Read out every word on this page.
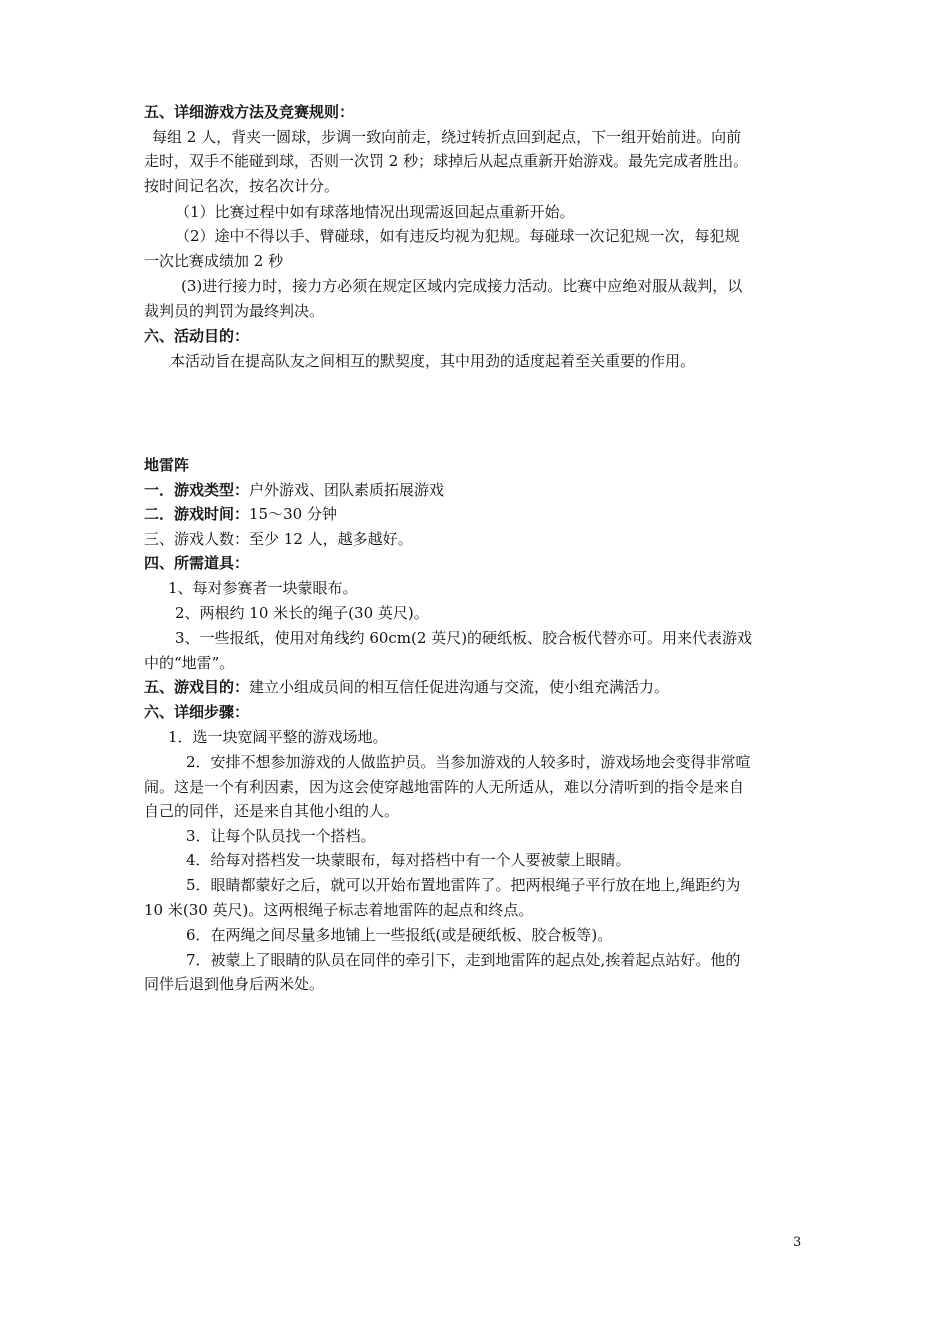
五、详细游戏方法及竞赛规则：

每组 2 人，背夹一圆球，步调一致向前走，绕过转折点回到起点，下一组开始前进。向前

走时，双手不能碰到球，否则一次罚 2 秒；球掉后从起点重新开始游戏。最先完成者胜出。

按时间记名次，按名次计分。

（1）比赛过程中如有球落地情况出现需返回起点重新开始。

（2）途中不得以手、臂碰球，如有违反均视为犯规。每碰球一次记犯规一次，每犯规

一次比赛成绩加 2 秒

(3)进行接力时，接力方必须在规定区域内完成接力活动。比赛中应绝对服从裁判，以

裁判员的判罚为最终判决。

六、活动目的：

本活动旨在提高队友之间相互的默契度，其中用劲的适度起着至关重要的作用。

地雷阵

一．游戏类型：户外游戏、团队素质拓展游戏

二．游戏时间：15～30 分钟

三、游戏人数：至少 12 人，越多越好。

四、所需道具：

1、每对参赛者一块蒙眼布。

2、两根约 10 米长的绳子(30 英尺)。

3、一些报纸，使用对角线约 60cm(2 英尺)的硬纸板、胶合板代替亦可。用来代表游戏

中的“地雷”。

五、游戏目的：建立小组成员间的相互信任促进沟通与交流，使小组充满活力。

六、详细步骤：

1．选一块宽阔平整的游戏场地。

2．安排不想参加游戏的人做监护员。当参加游戏的人较多时，游戏场地会变得非常喧

闹。这是一个有利因素，因为这会使穿越地雷阵的人无所适从，难以分清听到的指令是来自

自己的同伴，还是来自其他小组的人。

3．让每个队员找一个搭档。

4．给每对搭档发一块蒙眼布，每对搭档中有一个人要被蒙上眼睛。

5．眼睛都蒙好之后，就可以开始布置地雷阵了。把两根绳子平行放在地上,绳距约为

10 米(30 英尺)。这两根绳子标志着地雷阵的起点和终点。

6．在两绳之间尽量多地铺上一些报纸(或是硬纸板、胶合板等)。

7．被蒙上了眼睛的队员在同伴的牵引下，走到地雷阵的起点处,挨着起点站好。他的

同伴后退到他身后两米处。

3
